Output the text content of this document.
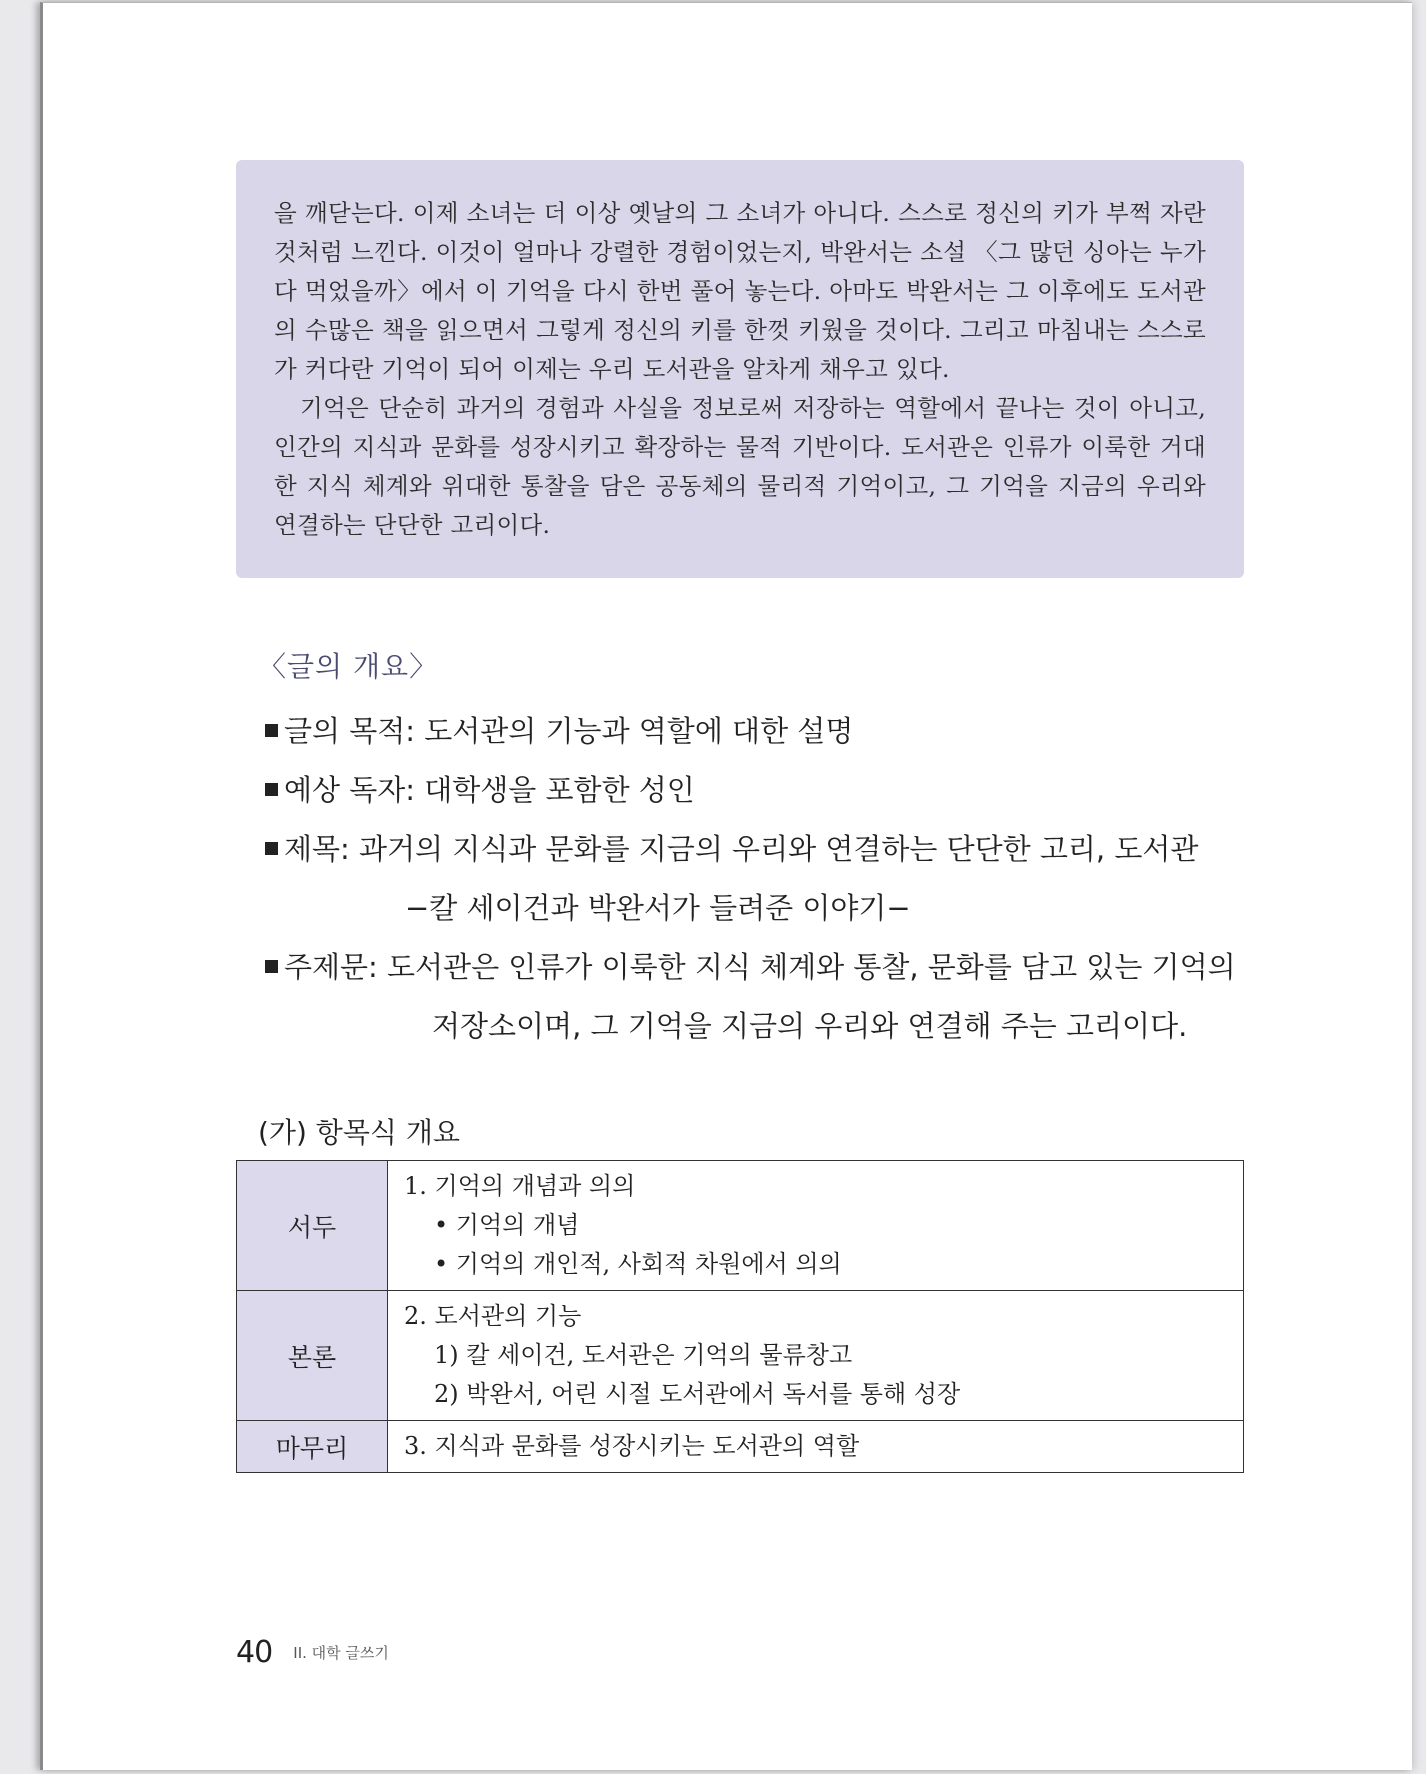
을 깨닫는다. 이제 소녀는 더 이상 옛날의 그 소녀가 아니다. 스스로 정신의 키가 부쩍 자란 것처럼 느낀다. 이것이 얼마나 강렬한 경험이었는지, 박완서는 소설 〈그 많던 싱아는 누가 다 먹었을까〉에서 이 기억을 다시 한번 풀어 놓는다. 아마도 박완서는 그 이후에도 도서관의 수많은 책을 읽으면서 그렇게 정신의 키를 한껏 키웠을 것이다. 그리고 마침내는 스스로가 커다란 기억이 되어 이제는 우리 도서관을 알차게 채우고 있다.

기억은 단순히 과거의 경험과 사실을 정보로써 저장하는 역할에서 끝나는 것이 아니고, 인간의 지식과 문화를 성장시키고 확장하는 물적 기반이다. 도서관은 인류가 이룩한 거대한 지식 체계와 위대한 통찰을 담은 공동체의 물리적 기억이고, 그 기억을 지금의 우리와 연결하는 단단한 고리이다.

〈글의 개요〉
글의 목적: 도서관의 기능과 역할에 대한 설명
예상 독자: 대학생을 포함한 성인
제목: 과거의 지식과 문화를 지금의 우리와 연결하는 단단한 고리, 도서관
−칼 세이건과 박완서가 들려준 이야기−
주제문: 도서관은 인류가 이룩한 지식 체계와 통찰, 문화를 담고 있는 기억의
저장소이며, 그 기억을 지금의 우리와 연결해 주는 고리이다.
(가) 항목식 개요
서두	1. 기억의 개념과 의의
• 기억의 개념
• 기억의 개인적, 사회적 차원에서 의의

본론	2. 도서관의 기능
1) 칼 세이건, 도서관은 기억의 물류창고
2) 박완서, 어린 시절 도서관에서 독서를 통해 성장

마무리	3. 지식과 문화를 성장시키는 도서관의 역할
40 II. 대학 글쓰기
